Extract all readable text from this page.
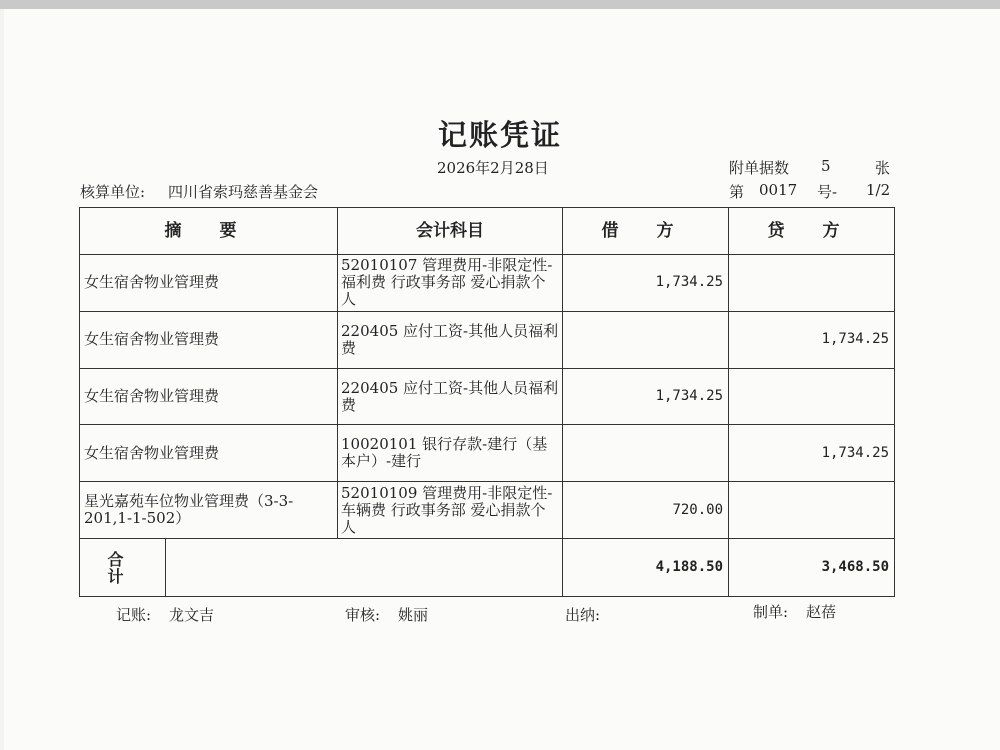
记账凭证
2026年2月28日	附单据数 5	张
核算单位: 四川省索玛慈善基金会	第 0017 号- 1/2
摘 要		会计科目	借 方	贷 方
女生宿舍物业管理费		52010107 管理费用-非限定性-福利费 行政事务部 爱心捐款个人	1,734.25	
女生宿舍物业管理费		220405 应付工资-其他人员福利费		1,734.25
女生宿舍物业管理费		220405 应付工资-其他人员福利费	1,734.25	
女生宿舍物业管理费		10020101 银行存款-建行（基本户）-建行		1,734.25
星光嘉苑车位物业管理费（3-3-201,1-1-502）		52010109 管理费用-非限定性-车辆费 行政事务部 爱心捐款个人	720.00	
合 计			4,188.50	3,468.50
记账: 龙文吉	审核: 姚丽	出纳:	制单: 赵蓓
